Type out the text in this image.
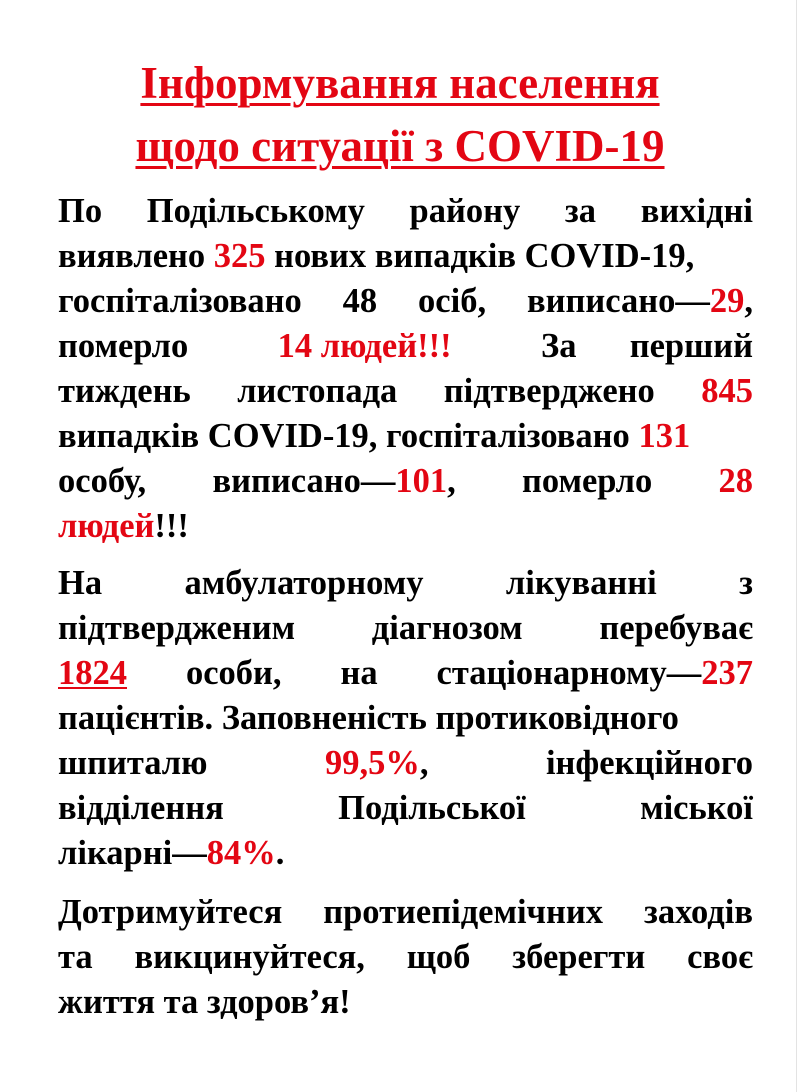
Інформування населення
щодо ситуації з COVID-19
По Подільському району за вихідні
виявлено 325 нових випадків COVID-19,
госпіталізовано 48 осіб, виписано—29,
померло	14 людей!!!	За перший
тиждень листопада підтверджено 845
випадків COVID-19, госпіталізовано 131
особу, виписано—101, померло 28
людей!!!
На амбулаторному лікуванні з
підтвердженим діагнозом перебуває
1824 особи, на стаціонарному—237
пацієнтів. Заповненість протиковідного
шпиталю	99,5%,	інфекційного
відділення	Подільської	міської
лікарні—84%.
Дотримуйтеся протиепідемічних заходів
та викцинуйтеся, щоб зберегти своє
життя та здоров’я!
